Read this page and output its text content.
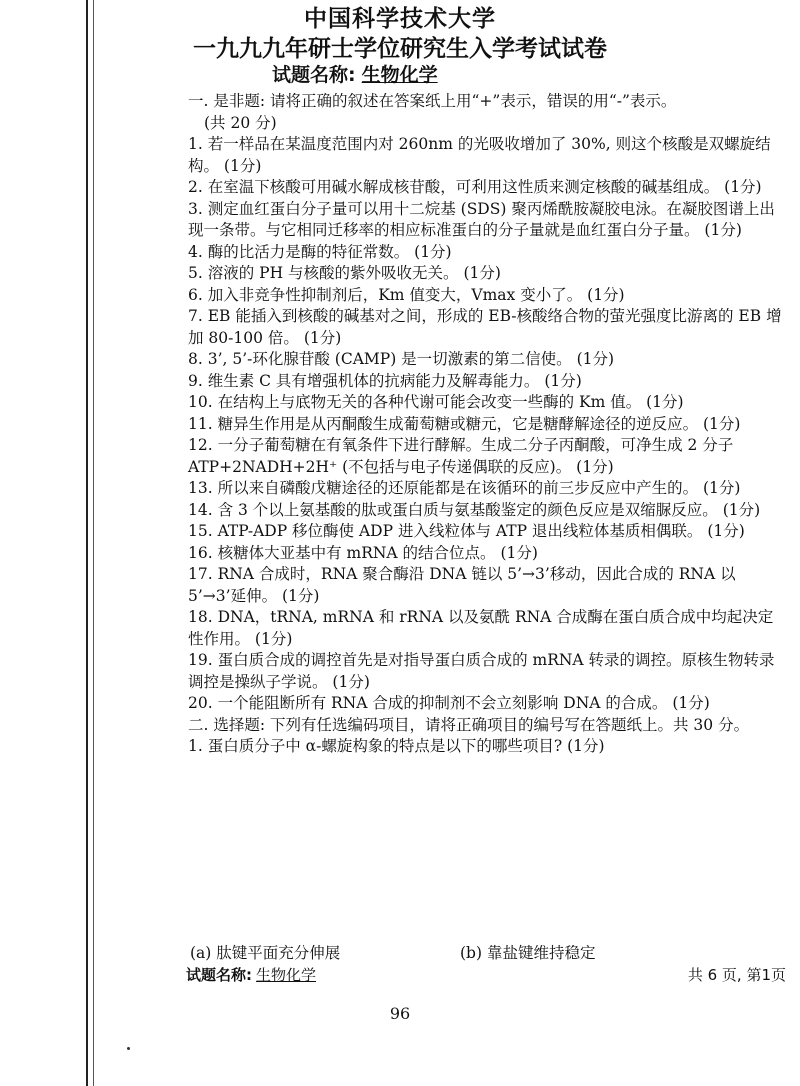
中国科学技术大学
一九九九年研士学位研究生入学考试试卷
试题名称: 生物化学

一. 是非题: 请将正确的叙述在答案纸上用“+”表示，错误的用“-”表示。

(共 20 分)

1. 若一样品在某温度范围内对 260nm 的光吸收增加了 30%, 则这个核酸是双螺旋结构。 (1分)

2. 在室温下核酸可用碱水解成核苷酸，可利用这性质来测定核酸的碱基组成。 (1分)

3. 测定血红蛋白分子量可以用十二烷基 (SDS) 聚丙烯酰胺凝胶电泳。在凝胶图谱上出现一条带。与它相同迁移率的相应标准蛋白的分子量就是血红蛋白分子量。 (1分)

4. 酶的比活力是酶的特征常数。 (1分)

5. 溶液的 PH 与核酸的紫外吸收无关。 (1分)

6. 加入非竞争性抑制剂后，Km 值变大，Vmax 变小了。 (1分)

7. EB 能插入到核酸的碱基对之间，形成的 EB-核酸络合物的萤光强度比游离的 EB 增加 80-100 倍。 (1分)

8. 3’, 5’-环化腺苷酸 (CAMP) 是一切激素的第二信使。 (1分)

9. 维生素 C 具有增强机体的抗病能力及解毒能力。 (1分)

10. 在结构上与底物无关的各种代谢可能会改变一些酶的 Km 值。 (1分)

11. 糖异生作用是从丙酮酸生成葡萄糖或糖元，它是糖酵解途径的逆反应。 (1分)

12. 一分子葡萄糖在有氧条件下进行酵解。生成二分子丙酮酸，可净生成 2 分子 ATP+2NADH+2H⁺ (不包括与电子传递偶联的反应)。 (1分)

13. 所以来自磷酸戊糖途径的还原能都是在该循环的前三步反应中产生的。 (1分)

14. 含 3 个以上氨基酸的肽或蛋白质与氨基酸鉴定的颜色反应是双缩脲反应。 (1分)

15. ATP-ADP 移位酶使 ADP 进入线粒体与 ATP 退出线粒体基质相偶联。 (1分)

16. 核糖体大亚基中有 mRNA 的结合位点。 (1分)

17. RNA 合成时，RNA 聚合酶沿 DNA 链以 5’→3’移动，因此合成的 RNA 以 5’→3’延伸。 (1分)

18. DNA，tRNA, mRNA 和 rRNA 以及氨酰 RNA 合成酶在蛋白质合成中均起决定性作用。 (1分)

19. 蛋白质合成的调控首先是对指导蛋白质合成的 mRNA 转录的调控。原核生物转录调控是操纵子学说。 (1分)

20. 一个能阻断所有 RNA 合成的抑制剂不会立刻影响 DNA 的合成。 (1分)

二. 选择题: 下列有任选编码项目，请将正确项目的编号写在答题纸上。共 30 分。

1. 蛋白质分子中 α-螺旋构象的特点是以下的哪些项目? (1分)

(a) 肽键平面充分伸展	(b) 靠盐键维持稳定
试题名称: 生物化学	共 6 页, 第1页
96
